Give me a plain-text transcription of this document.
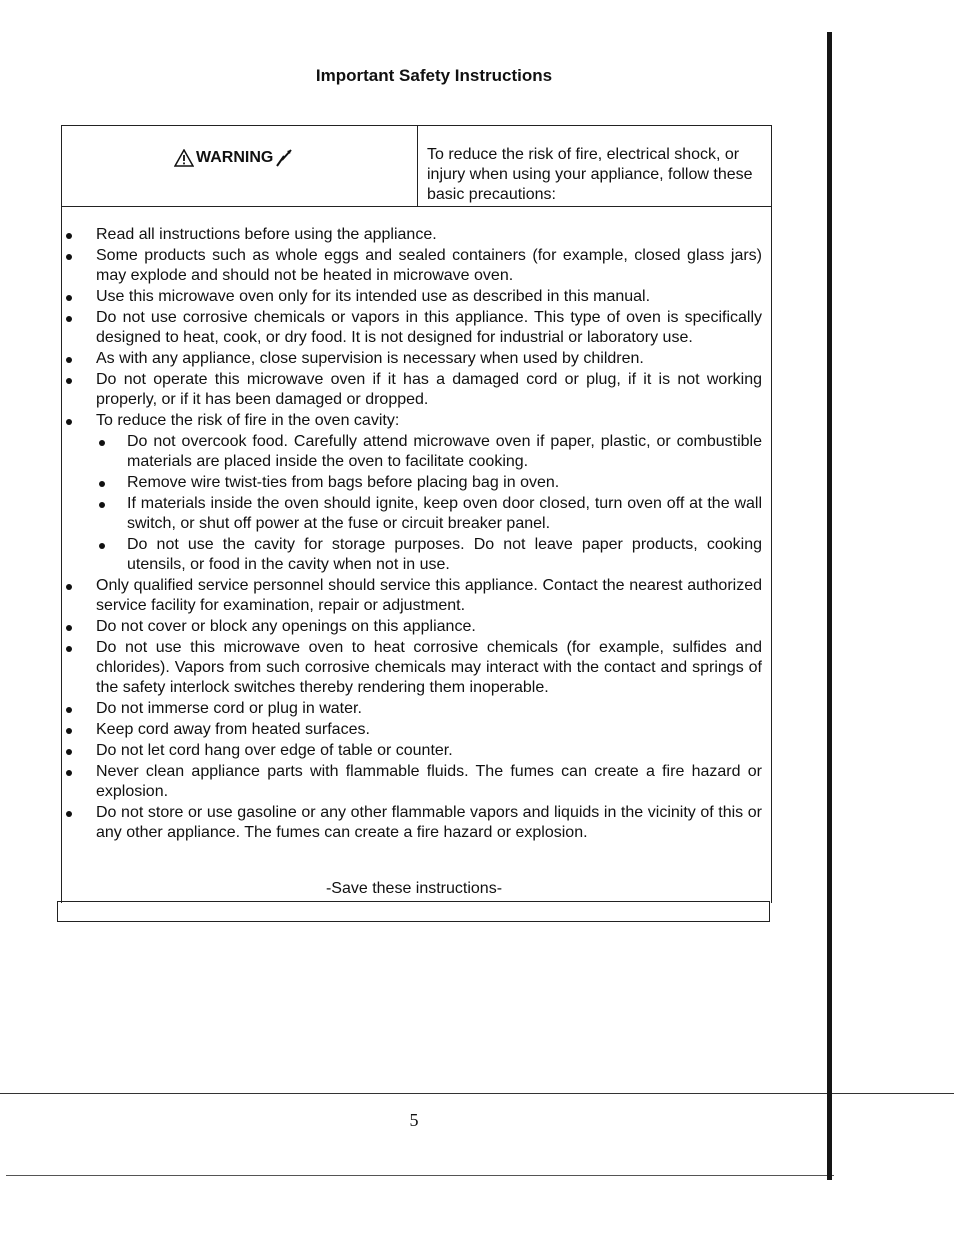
Important Safety Instructions
WARNING	To reduce the risk of fire, electrical shock, or injury when using your appliance, follow these basic precautions:
Read all instructions before using the appliance.
Some products such as whole eggs and sealed containers (for example, closed glass jars) may explode and should not be heated in microwave oven.
Use this microwave oven only for its intended use as described in this manual.
Do not use corrosive chemicals or vapors in this appliance. This type of oven is specifically designed to heat, cook, or dry food. It is not designed for industrial or laboratory use.
As with any appliance, close supervision is necessary when used by children.
Do not operate this microwave oven if it has a damaged cord or plug, if it is not working properly, or if it has been damaged or dropped.
To reduce the risk of fire in the oven cavity:
Do not overcook food. Carefully attend microwave oven if paper, plastic, or combustible materials are placed inside the oven to facilitate cooking.
Remove wire twist-ties from bags before placing bag in oven.
If materials inside the oven should ignite, keep oven door closed, turn oven off at the wall switch, or shut off power at the fuse or circuit breaker panel.
Do not use the cavity for storage purposes. Do not leave paper products, cooking utensils, or food in the cavity when not in use.
Only qualified service personnel should service this appliance. Contact the nearest authorized service facility for examination, repair or adjustment.
Do not cover or block any openings on this appliance.
Do not use this microwave oven to heat corrosive chemicals (for example, sulfides and chlorides). Vapors from such corrosive chemicals may interact with the contact and springs of the safety interlock switches thereby rendering them inoperable.
Do not immerse cord or plug in water.
Keep cord away from heated surfaces.
Do not let cord hang over edge of table or counter.
Never clean appliance parts with flammable fluids. The fumes can create a fire hazard or explosion.
Do not store or use gasoline or any other flammable vapors and liquids in the vicinity of this or any other appliance. The fumes can create a fire hazard or explosion.
-Save these instructions-
5
